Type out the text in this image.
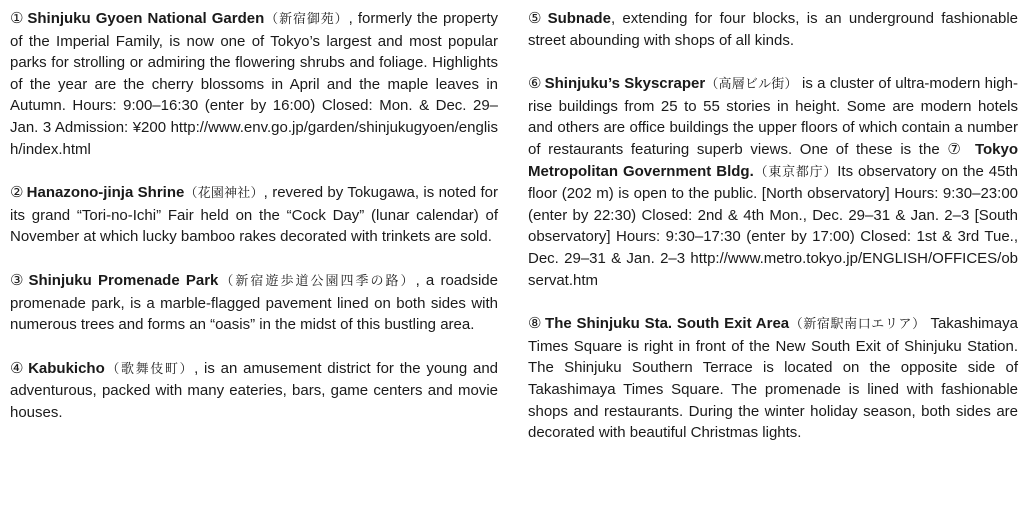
① Shinjuku Gyoen National Garden（新宿御苑）, formerly the property of the Imperial Family, is now one of Tokyo’s largest and most popular parks for strolling or admiring the flowering shrubs and foliage. Highlights of the year are the cherry blossoms in April and the maple leaves in Autumn. Hours: 9:00–16:30 (enter by 16:00) Closed: Mon. & Dec. 29– Jan. 3 Admission: ¥200 http://www.env.go.jp/garden/shinjukugyoen/english/index.html

② Hanazono-jinja Shrine（花園神社）, revered by Tokugawa, is noted for its grand “Tori-no-Ichi” Fair held on the “Cock Day” (lunar calendar) of November at which lucky bamboo rakes decorated with trinkets are sold.

③ Shinjuku Promenade Park（新宿遊歩道公園四季の路）, a roadside promenade park, is a marble-flagged pavement lined on both sides with numerous trees and forms an “oasis” in the midst of this bustling area.

④ Kabukicho（歌舞伎町）, is an amusement district for the young and adventurous, packed with many eateries, bars, game centers and movie houses.

⑤ Subnade, extending for four blocks, is an underground fashionable street abounding with shops of all kinds.

⑥ Shinjuku’s Skyscraper（高層ビル街） is a cluster of ultra-modern high-rise buildings from 25 to 55 stories in height. Some are modern hotels and others are office buildings the upper floors of which contain a number of restaurants featuring superb views. One of these is the ⑦ Tokyo Metropolitan Government Bldg.（東京都庁）Its observatory on the 45th floor (202 m) is open to the public. [North observatory] Hours: 9:30–23:00 (enter by 22:30) Closed: 2nd & 4th Mon., Dec. 29–31 & Jan. 2–3 [South observatory] Hours: 9:30–17:30 (enter by 17:00) Closed: 1st & 3rd Tue., Dec. 29–31 & Jan. 2–3 http://www.metro.tokyo.jp/ENGLISH/OFFICES/observat.htm

⑧ The Shinjuku Sta. South Exit Area（新宿駅南口エリア） Takashimaya Times Square is right in front of the New South Exit of Shinjuku Station. The Shinjuku Southern Terrace is located on the opposite side of Takashimaya Times Square. The promenade is lined with fashionable shops and restaurants. During the winter holiday season, both sides are decorated with beautiful Christmas lights.
